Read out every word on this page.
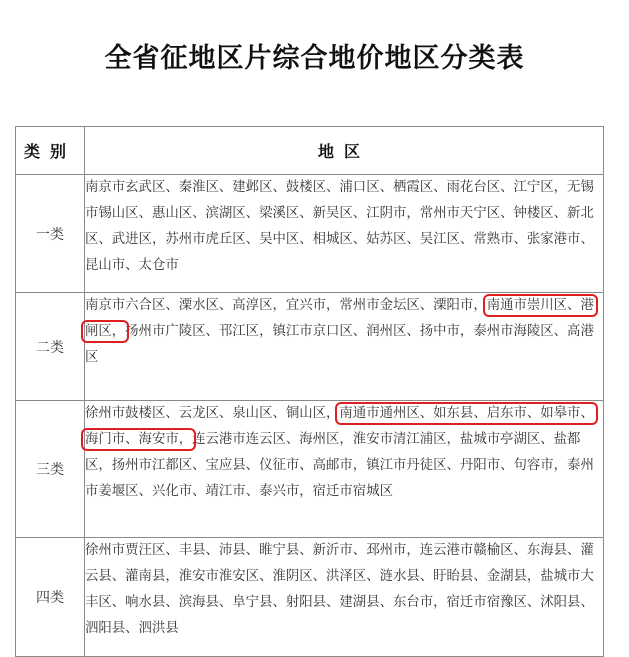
全省征地区片综合地价地区分类表
类别	地区
一类	南京市玄武区、秦淮区、建邺区、鼓楼区、浦口区、栖霞区、雨花台区、江宁区，无锡市锡山区、惠山区、滨湖区、梁溪区、新吴区、江阴市，常州市天宁区、钟楼区、新北区、武进区，苏州市虎丘区、吴中区、相城区、姑苏区、吴江区、常熟市、张家港市、昆山市、太仓市
二类	南京市六合区、溧水区、高淳区，宜兴市，常州市金坛区、溧阳市，南通市崇川区、港闸区，扬州市广陵区、邗江区，镇江市京口区、润州区、扬中市，泰州市海陵区、高港区
三类	徐州市鼓楼区、云龙区、泉山区、铜山区，南通市通州区、如东县、启东市、如皋市、海门市、海安市，连云港市连云区、海州区，淮安市清江浦区，盐城市亭湖区、盐都区，扬州市江都区、宝应县、仪征市、高邮市，镇江市丹徒区、丹阳市、句容市，泰州市姜堰区、兴化市、靖江市、泰兴市，宿迁市宿城区
四类	徐州市贾汪区、丰县、沛县、睢宁县、新沂市、邳州市，连云港市赣榆区、东海县、灌云县、灌南县，淮安市淮安区、淮阴区、洪泽区、涟水县、盱眙县、金湖县，盐城市大丰区、响水县、滨海县、阜宁县、射阳县、建湖县、东台市，宿迁市宿豫区、沭阳县、泗阳县、泗洪县
